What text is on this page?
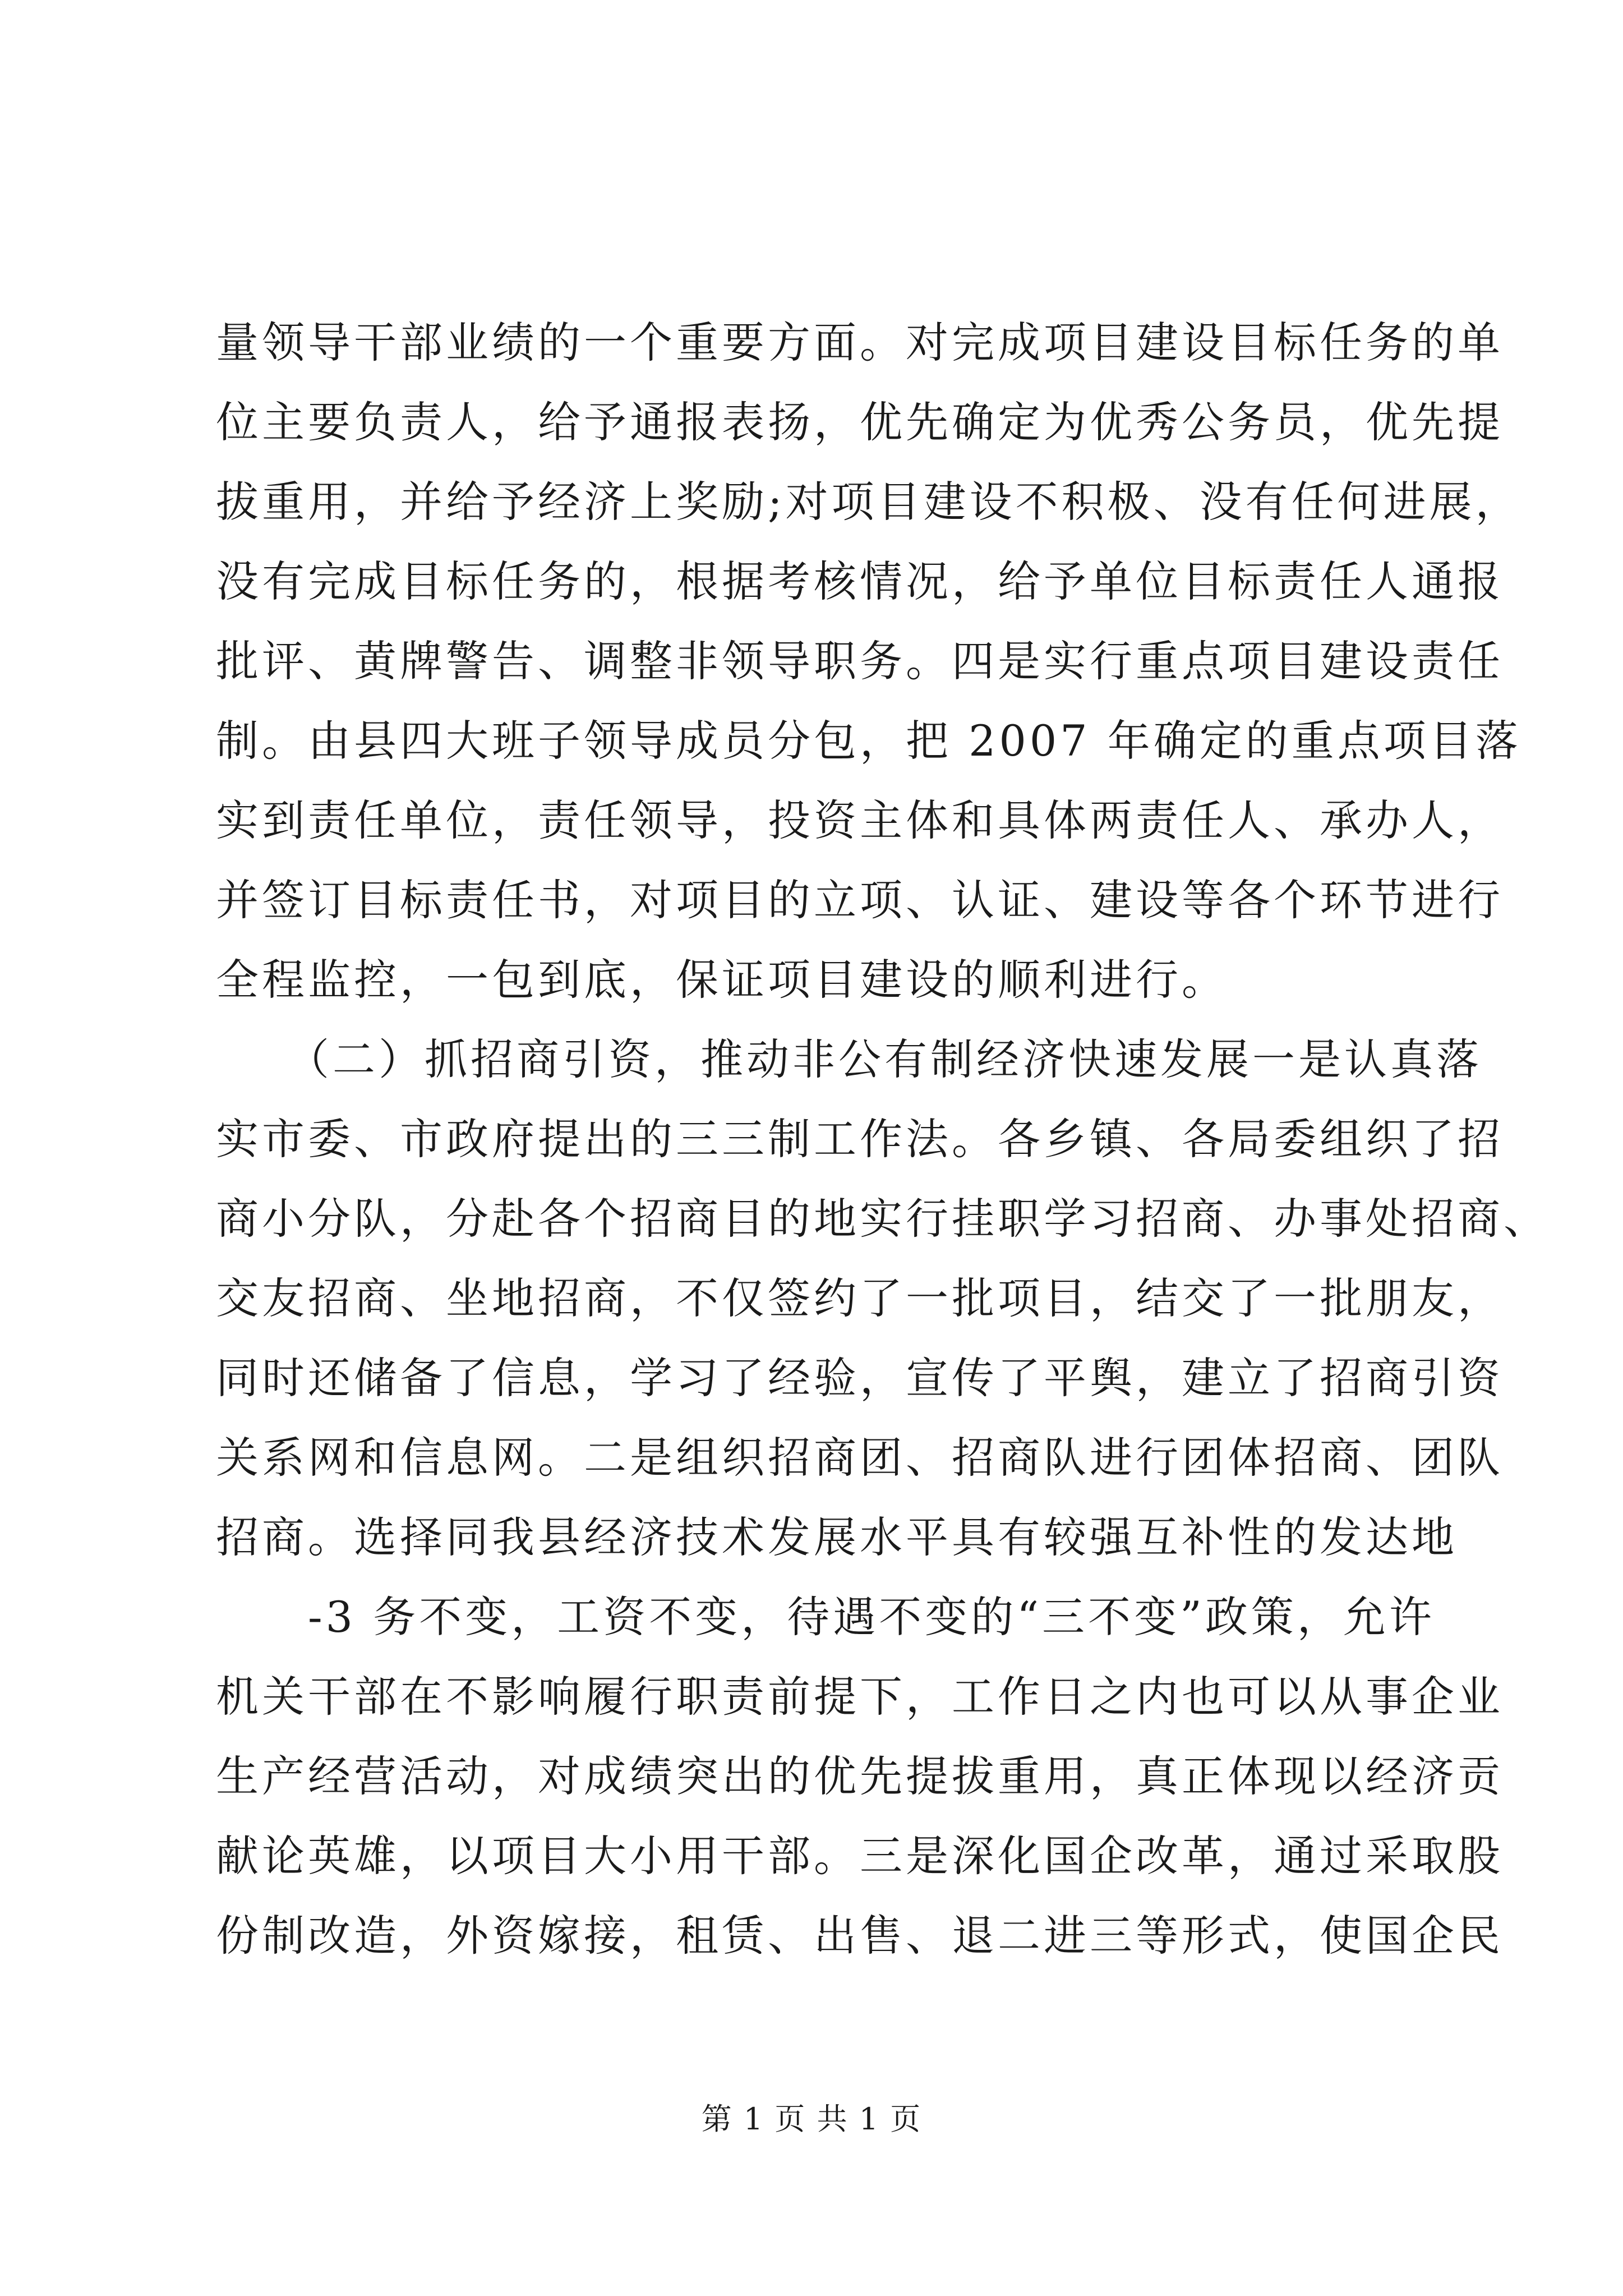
量领导干部业绩的一个重要方面。对完成项目建设目标任务的单
位主要负责人，给予通报表扬，优先确定为优秀公务员，优先提
拔重用，并给予经济上奖励;对项目建设不积极、没有任何进展，
没有完成目标任务的，根据考核情况，给予单位目标责任人通报
批评、黄牌警告、调整非领导职务。四是实行重点项目建设责任
制。由县四大班子领导成员分包，把 2007 年确定的重点项目落
实到责任单位，责任领导，投资主体和具体两责任人、承办人，
并签订目标责任书，对项目的立项、认证、建设等各个环节进行
全程监控，一包到底，保证项目建设的顺利进行。
　　（二）抓招商引资，推动非公有制经济快速发展一是认真落
实市委、市政府提出的三三制工作法。各乡镇、各局委组织了招
商小分队，分赴各个招商目的地实行挂职学习招商、办事处招商、
交友招商、坐地招商，不仅签约了一批项目，结交了一批朋友，
同时还储备了信息，学习了经验，宣传了平舆，建立了招商引资
关系网和信息网。二是组织招商团、招商队进行团体招商、团队
招商。选择同我县经济技术发展水平具有较强互补性的发达地
　　-3 务不变，工资不变，待遇不变的“三不变”政策，允许
机关干部在不影响履行职责前提下，工作日之内也可以从事企业
生产经营活动，对成绩突出的优先提拔重用，真正体现以经济贡
献论英雄，以项目大小用干部。三是深化国企改革，通过采取股
份制改造，外资嫁接，租赁、出售、退二进三等形式，使国企民
第 1 页 共 1 页
